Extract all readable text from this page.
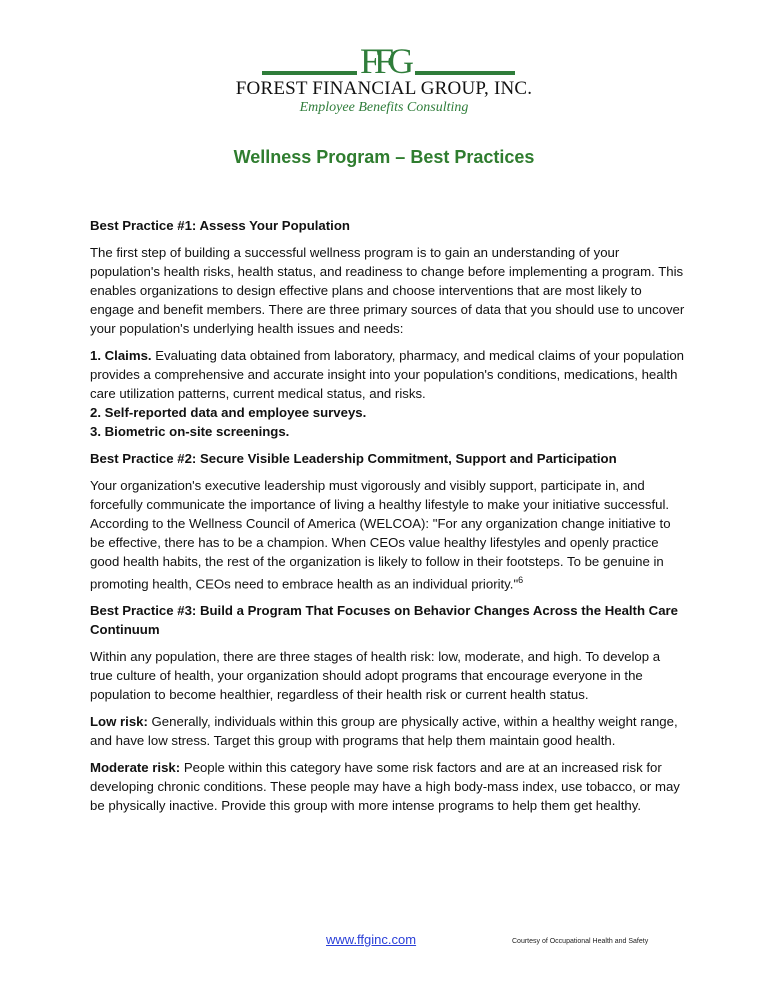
FFG
FOREST FINANCIAL GROUP, INC.
Employee Benefits Consulting
Wellness Program – Best Practices

Best Practice #1: Assess Your Population

The first step of building a successful wellness program is to gain an understanding of your population's health risks, health status, and readiness to change before implementing a program. This enables organizations to design effective plans and choose interventions that are most likely to engage and benefit members. There are three primary sources of data that you should use to uncover your population's underlying health issues and needs:

1. Claims. Evaluating data obtained from laboratory, pharmacy, and medical claims of your population provides a comprehensive and accurate insight into your population's conditions, medications, health care utilization patterns, current medical status, and risks.

2. Self-reported data and employee surveys.

3. Biometric on-site screenings.

Best Practice #2: Secure Visible Leadership Commitment, Support and Participation

Your organization's executive leadership must vigorously and visibly support, participate in, and forcefully communicate the importance of living a healthy lifestyle to make your initiative successful. According to the Wellness Council of America (WELCOA): "For any organization change initiative to be effective, there has to be a champion. When CEOs value healthy lifestyles and openly practice good health habits, the rest of the organization is likely to follow in their footsteps. To be genuine in promoting health, CEOs need to embrace health as an individual priority."$^6$

Best Practice #3: Build a Program That Focuses on Behavior Changes Across the Health Care Continuum

Within any population, there are three stages of health risk: low, moderate, and high. To develop a true culture of health, your organization should adopt programs that encourage everyone in the population to become healthier, regardless of their health risk or current health status.

Low risk: Generally, individuals within this group are physically active, within a healthy weight range, and have low stress. Target this group with programs that help them maintain good health.

Moderate risk: People within this category have some risk factors and are at an increased risk for developing chronic conditions. These people may have a high body-mass index, use tobacco, or may be physically inactive. Provide this group with more intense programs to help them get healthy.

www.ffginc.com	Courtesy of Occupational Health and Safety
